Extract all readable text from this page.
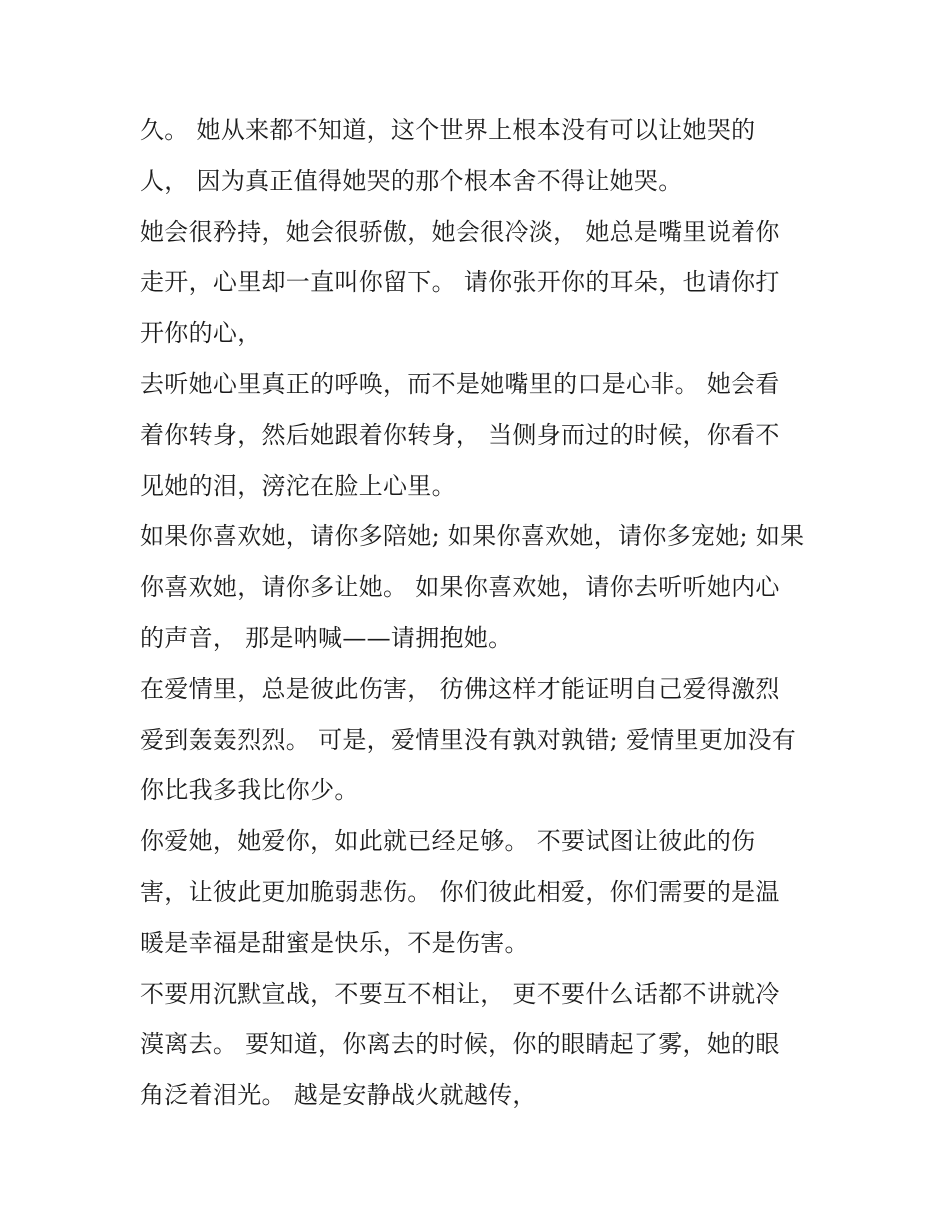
久。 她从来都不知道，这个世界上根本没有可以让她哭的
人， 因为真正值得她哭的那个根本舍不得让她哭。
她会很矜持，她会很骄傲，她会很冷淡， 她总是嘴里说着你
走开，心里却一直叫你留下。 请你张开你的耳朵，也请你打
开你的心，
去听她心里真正的呼唤，而不是她嘴里的口是心非。 她会看
着你转身，然后她跟着你转身， 当侧身而过的时候，你看不
见她的泪，滂沱在脸上心里。
如果你喜欢她，请你多陪她; 如果你喜欢她，请你多宠她; 如果
你喜欢她，请你多让她。 如果你喜欢她，请你去听听她内心
的声音， 那是呐喊——请拥抱她。
在爱情里，总是彼此伤害， 彷佛这样才能证明自己爱得激烈
爱到轰轰烈烈。 可是，爱情里没有孰对孰错; 爱情里更加没有
你比我多我比你少。
你爱她，她爱你，如此就已经足够。 不要试图让彼此的伤
害，让彼此更加脆弱悲伤。 你们彼此相爱，你们需要的是温
暖是幸福是甜蜜是快乐，不是伤害。
不要用沉默宣战，不要互不相让， 更不要什么话都不讲就冷
漠离去。 要知道，你离去的时候，你的眼睛起了雾，她的眼
角泛着泪光。 越是安静战火就越传，
